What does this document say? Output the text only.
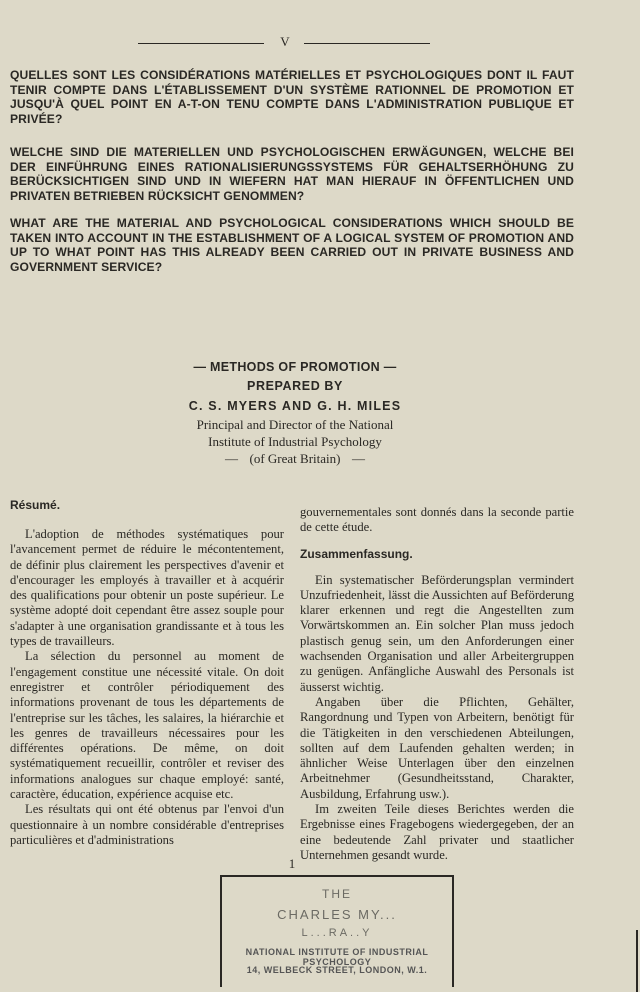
V

QUELLES SONT LES CONSIDÉRATIONS MATÉRIELLES ET PSYCHOLOGIQUES DONT IL FAUT TENIR COMPTE DANS L'ÉTABLISSEMENT D'UN SYSTÈME RATIONNEL DE PROMOTION ET JUSQU'À QUEL POINT EN A-T-ON TENU COMPTE DANS L'ADMINISTRATION PUBLIQUE ET PRIVÉE?

WELCHE SIND DIE MATERIELLEN UND PSYCHOLOGISCHEN ERWÄGUNGEN, WELCHE BEI DER EINFÜHRUNG EINES RATIONALISIERUNGSSYSTEMS FÜR GEHALTSERHÖHUNG ZU BERÜCKSICHTIGEN SIND UND IN WIEFERN HAT MAN HIERAUF IN ÖFFENTLICHEN UND PRIVATEN BETRIEBEN RÜCKSICHT GENOMMEN?

WHAT ARE THE MATERIAL AND PSYCHOLOGICAL CONSIDERATIONS WHICH SHOULD BE TAKEN INTO ACCOUNT IN THE ESTABLISHMENT OF A LOGICAL SYSTEM OF PROMOTION AND UP TO WHAT POINT HAS THIS ALREADY BEEN CARRIED OUT IN PRIVATE BUSINESS AND GOVERNMENT SERVICE?

— METHODS OF PROMOTION —
PREPARED BY
C. S. MYERS AND G. H. MILES
Principal and Director of the National
Institute of Industrial Psychology
— (of Great Britain) —
Résumé.

L'adoption de méthodes systématiques pour l'avancement permet de réduire le mécontentement, de définir plus clairement les perspectives d'avenir et d'encourager les employés à travailler et à acquérir des qualifications pour obtenir un poste supérieur. Le système adopté doit cependant être assez souple pour s'adapter à une organisation grandissante et à tous les types de travailleurs.

La sélection du personnel au moment de l'engagement constitue une nécessité vitale. On doit enregistrer et contrôler périodiquement des informations provenant de tous les départements de l'entreprise sur les tâches, les salaires, la hiérarchie et les genres de travailleurs nécessaires pour les différentes opérations. De même, on doit systématiquement recueillir, contrôler et reviser des informations analogues sur chaque employé: santé, caractère, éducation, expérience acquise etc.

Les résultats qui ont été obtenus par l'envoi d'un questionnaire à un nombre considérable d'entreprises particulières et d'administrations

gouvernementales sont donnés dans la seconde partie de cette étude.

Zusammenfassung.

Ein systematischer Beförderungsplan vermindert Unzufriedenheit, lässt die Aussichten auf Beförderung klarer erkennen und regt die Angestellten zum Vorwärtskommen an. Ein solcher Plan muss jedoch plastisch genug sein, um den Anforderungen einer wachsenden Organisation und aller Arbeitergruppen zu genügen. Anfängliche Auswahl des Personals ist äusserst wichtig.

Angaben über die Pflichten, Gehälter, Rangordnung und Typen von Arbeitern, benötigt für die Tätigkeiten in den verschiedenen Abteilungen, sollten auf dem Laufenden gehalten werden; in ähnlicher Weise Unterlagen über den einzelnen Arbeitnehmer (Gesundheitsstand, Charakter, Ausbildung, Erfahrung usw.).

Im zweiten Teile dieses Berichtes werden die Ergebnisse eines Fragebogens wiedergegeben, der an eine bedeutende Zahl privater und staatlicher Unternehmen gesandt wurde.

1
THE
CHARLES MY...
L...RA..Y
NATIONAL INSTITUTE OF INDUSTRIAL PSYCHOLOGY
14, WELBECK STREET, LONDON, W.1.
